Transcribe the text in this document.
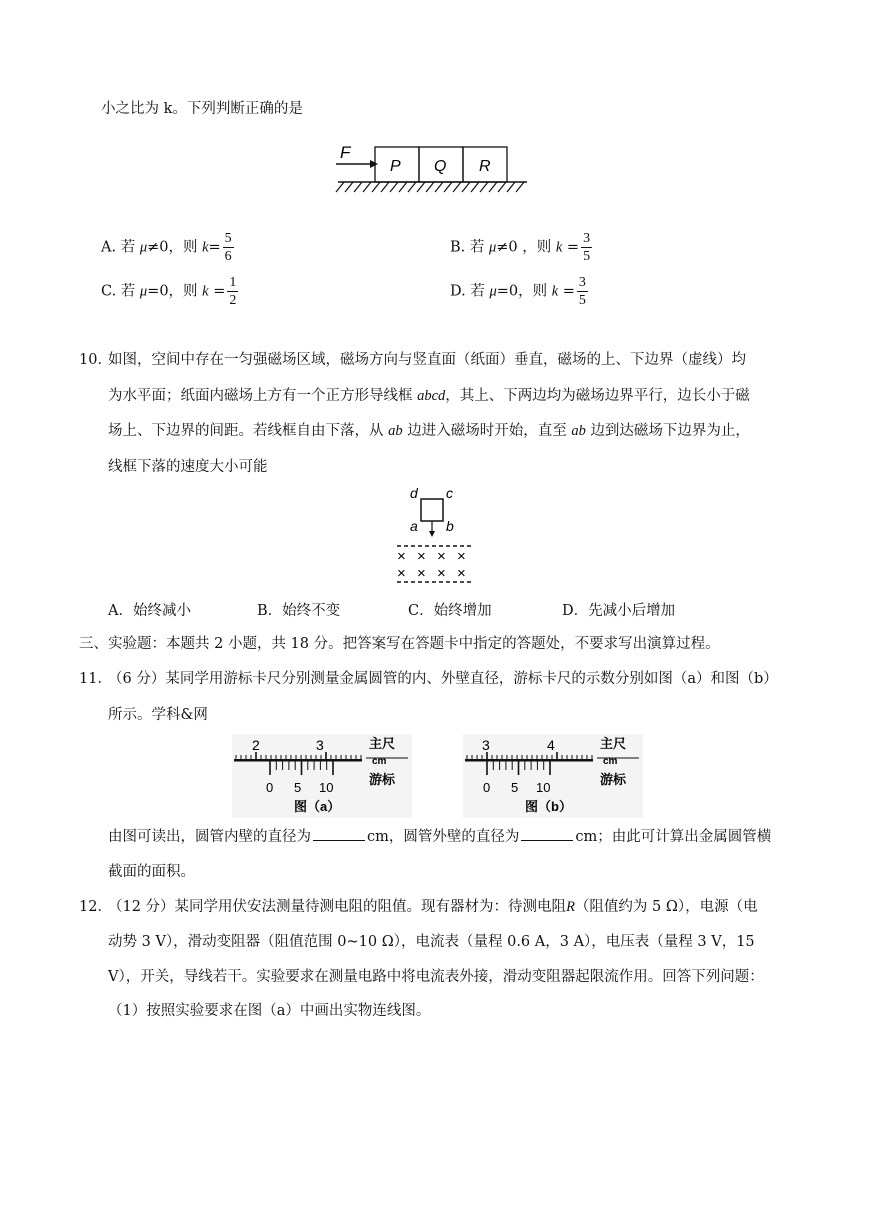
小之比为 k。下列判断正确的是
F
P Q R
A. 若 μ≠0，则 $k= \frac{5}{6}$	B. 若 μ≠0 ，则 $k = \frac{3}{5}$
C. 若 μ=0，则 $k = \frac{1}{2}$	D. 若 μ=0，则 $k = \frac{3}{5}$
10．
如图，空间中存在一匀强磁场区域，磁场方向与竖直面（纸面）垂直，磁场的上、下边界（虚线）均
为水平面；纸面内磁场上方有一个正方形导线框 abcd，其上、下两边均为磁场边界平行，边长小于磁
场上、下边界的间距。若线框自由下落，从 ab 边进入磁场时开始，直至 ab 边到达磁场下边界为止，
线框下落的速度大小可能
d c
a b
× × × ×
× × × ×
A．始终减小	B．始终不变	C．始终增加	D．先减小后增加
三、实验题：本题共 2 小题，共 18 分。把答案写在答题卡中指定的答题处，不要求写出演算过程。
11．
（6 分）某同学用游标卡尺分别测量金属圆管的内、外壁直径，游标卡尺的示数分别如图（a）和图（b）
所示。学科&网
2	3	主尺
cm
游标
0 5 10
图（a）
3	4	主尺
cm
游标
0 5 10
图（b）
由图可读出，圆管内壁的直径为	cm，圆管外壁的直径为	cm；由此可计算出金属圆管横
截面的面积。
12．
（12 分）某同学用伏安法测量待测电阻的阻值。现有器材为：待测电阻R（阻值约为 5 Ω），电源（电
动势 3 V），滑动变阻器（阻值范围 0~10 Ω），电流表（量程 0.6 A，3 A），电压表（量程 3 V，15
V），开关，导线若干。实验要求在测量电路中将电流表外接，滑动变阻器起限流作用。回答下列问题：
（1）按照实验要求在图（a）中画出实物连线图。
